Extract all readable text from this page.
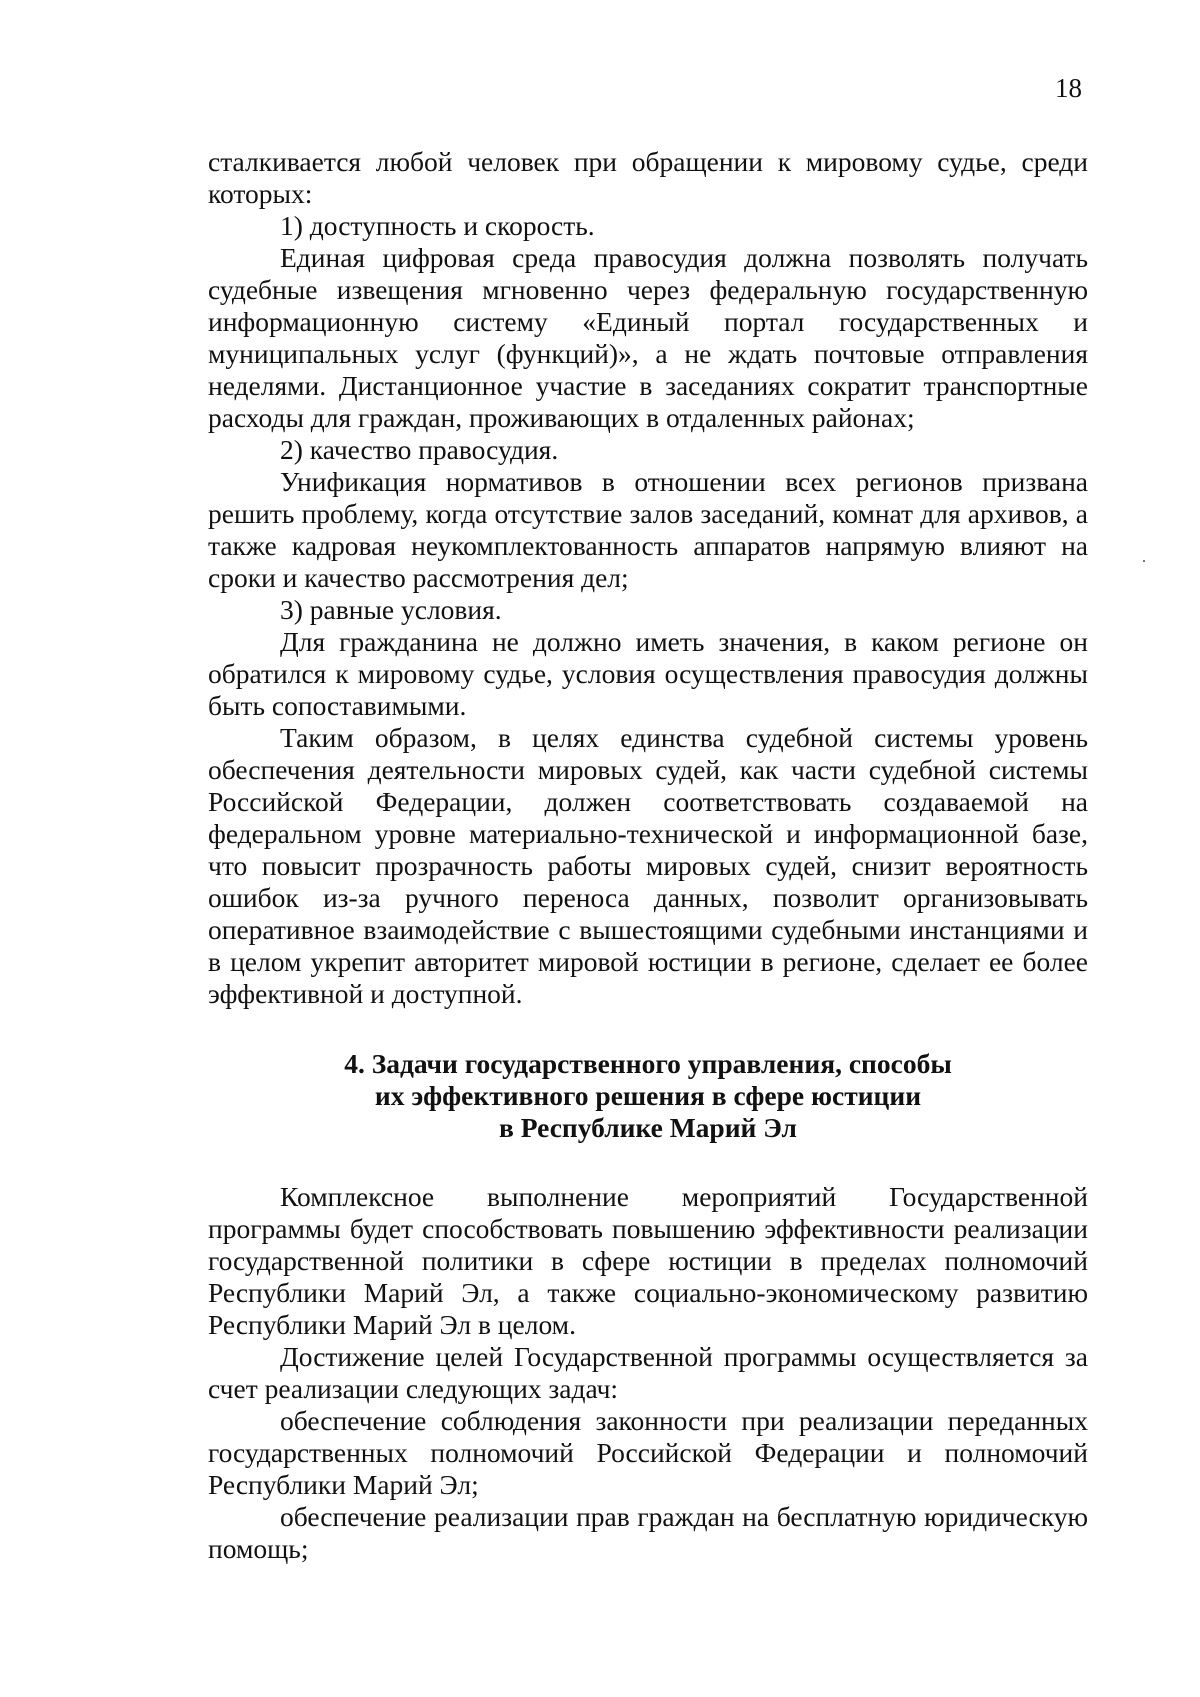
18

сталкивается любой человек при обращении к мировому судье, среди которых:

1) доступность и скорость.

Единая цифровая среда правосудия должна позволять получать судебные извещения мгновенно через федеральную государственную информационную систему «Единый портал государственных и муниципальных услуг (функций)», а не ждать почтовые отправления неделями. Дистанционное участие в заседаниях сократит транспортные расходы для граждан, проживающих в отдаленных районах;

2) качество правосудия.

Унификация нормативов в отношении всех регионов призвана решить проблему, когда отсутствие залов заседаний, комнат для архивов, а также кадровая неукомплектованность аппаратов напрямую влияют на сроки и качество рассмотрения дел;

3) равные условия.

Для гражданина не должно иметь значения, в каком регионе он обратился к мировому судье, условия осуществления правосудия должны быть сопоставимыми.

Таким образом, в целях единства судебной системы уровень обеспечения деятельности мировых судей, как части судебной системы Российской Федерации, должен соответствовать создаваемой на федеральном уровне материально-технической и информационной базе, что повысит прозрачность работы мировых судей, снизит вероятность ошибок из-за ручного переноса данных, позволит организовывать оперативное взаимодействие с вышестоящими судебными инстанциями и в целом укрепит авторитет мировой юстиции в регионе, сделает ее более эффективной и доступной.

4. Задачи государственного управления, способы
их эффективного решения в сфере юстиции
в Республике Марий Эл

Комплексное выполнение мероприятий Государственной программы будет способствовать повышению эффективности реализации государственной политики в сфере юстиции в пределах полномочий Республики Марий Эл, а также социально-экономическому развитию Республики Марий Эл в целом.

Достижение целей Государственной программы осуществляется за счет реализации следующих задач:

обеспечение соблюдения законности при реализации переданных государственных полномочий Российской Федерации и полномочий Республики Марий Эл;

обеспечение реализации прав граждан на бесплатную юридическую помощь;
